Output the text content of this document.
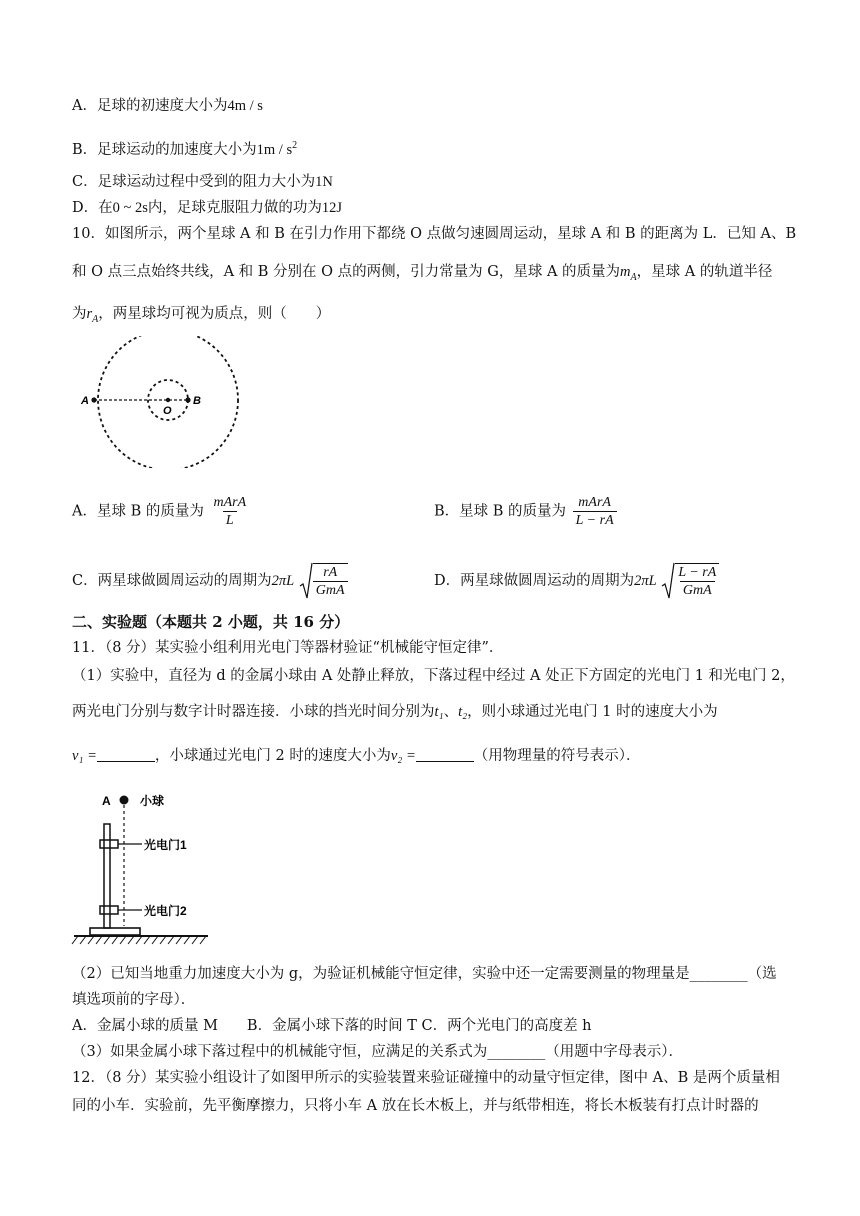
A．足球的初速度大小为4m / s
B．足球运动的加速度大小为$1m / s^2$
C．足球运动过程中受到的阻力大小为1N
D．在0 ~ 2s内，足球克服阻力做的功为12J
10．如图所示，两个星球 A 和 B 在引力作用下都绕 O 点做匀速圆周运动，星球 A 和 B 的距离为 L．已知 A、B
和 O 点三点始终共线，A 和 B 分别在 O 点的两侧，引力常量为 G，星球 A 的质量为$m_A$，星球 A 的轨道半径
为$r_A$，两星球均可视为质点，则（　　）
A
O
B
A．星球 B 的质量为 $\frac{\text{mArA}}{L}$	B．星球 B 的质量为 $\frac{\text{mArA}}{L - rA}$
C．两星球做圆周运动的周期为$2\pi L \frac{rA}{\text{GmA}}$	D．两星球做圆周运动的周期为$2\pi L \frac{L - rA}{\text{GmA}}$
二、实验题（本题共 2 小题，共 16 分）
11．（8 分）某实验小组利用光电门等器材验证“机械能守恒定律”．
（1）实验中，直径为 d 的金属小球由 A 处静止释放，下落过程中经过 A 处正下方固定的光电门 1 和光电门 2，
两光电门分别与数字计时器连接．小球的挡光时间分别为t₁、t₂，则小球通过光电门 1 时的速度大小为
v₁ =	，小球通过光电门 2 时的速度大小为v₂ =	（用物理量的符号表示）．
A 小球
光电门1
光电门2
（2）已知当地重力加速度大小为 g，为验证机械能守恒定律，实验中还一定需要测量的物理量是________（选
填选项前的字母）．
A．金属小球的质量 M　　B．金属小球下落的时间 T C．两个光电门的高度差 h
（3）如果金属小球下落过程中的机械能守恒，应满足的关系式为________（用题中字母表示）．
12．（8 分）某实验小组设计了如图甲所示的实验装置来验证碰撞中的动量守恒定律，图中 A、B 是两个质量相
同的小车．实验前，先平衡摩擦力，只将小车 A 放在长木板上，并与纸带相连，将长木板装有打点计时器的
